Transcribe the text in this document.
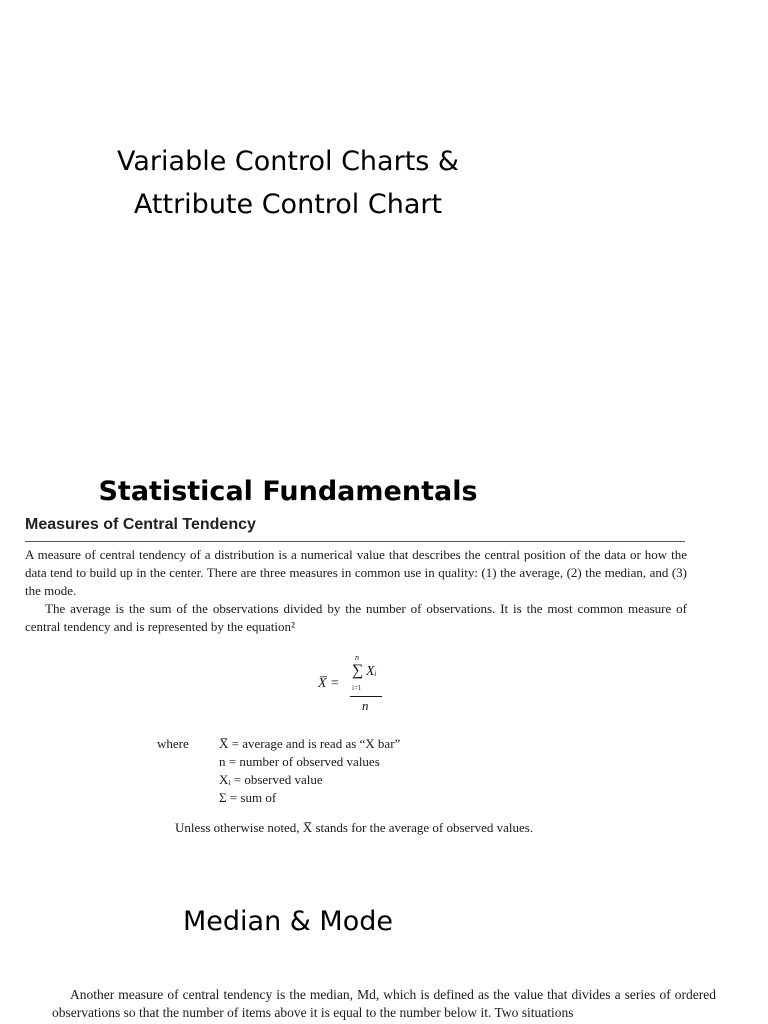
Variable Control Charts &
Attribute Control Chart
Statistical Fundamentals
Measures of Central Tendency

A measure of central tendency of a distribution is a numerical value that describes the central position of the data or how the data tend to build up in the center. There are three measures in common use in quality: (1) the average, (2) the median, and (3) the mode.

The average is the sum of the observations divided by the number of observations. It is the most common measure of central tendency and is represented by the equation²

X̅ =
n
∑ Xᵢ
i=1
n
where X̅ = average and is read as “X bar”
n = number of observed values
Xᵢ = observed value
Σ = sum of
Unless otherwise noted, X̅ stands for the average of observed values.
Median & Mode

Another measure of central tendency is the median, Md, which is defined as the value that divides a series of ordered observations so that the number of items above it is equal to the number below it. Two situations
